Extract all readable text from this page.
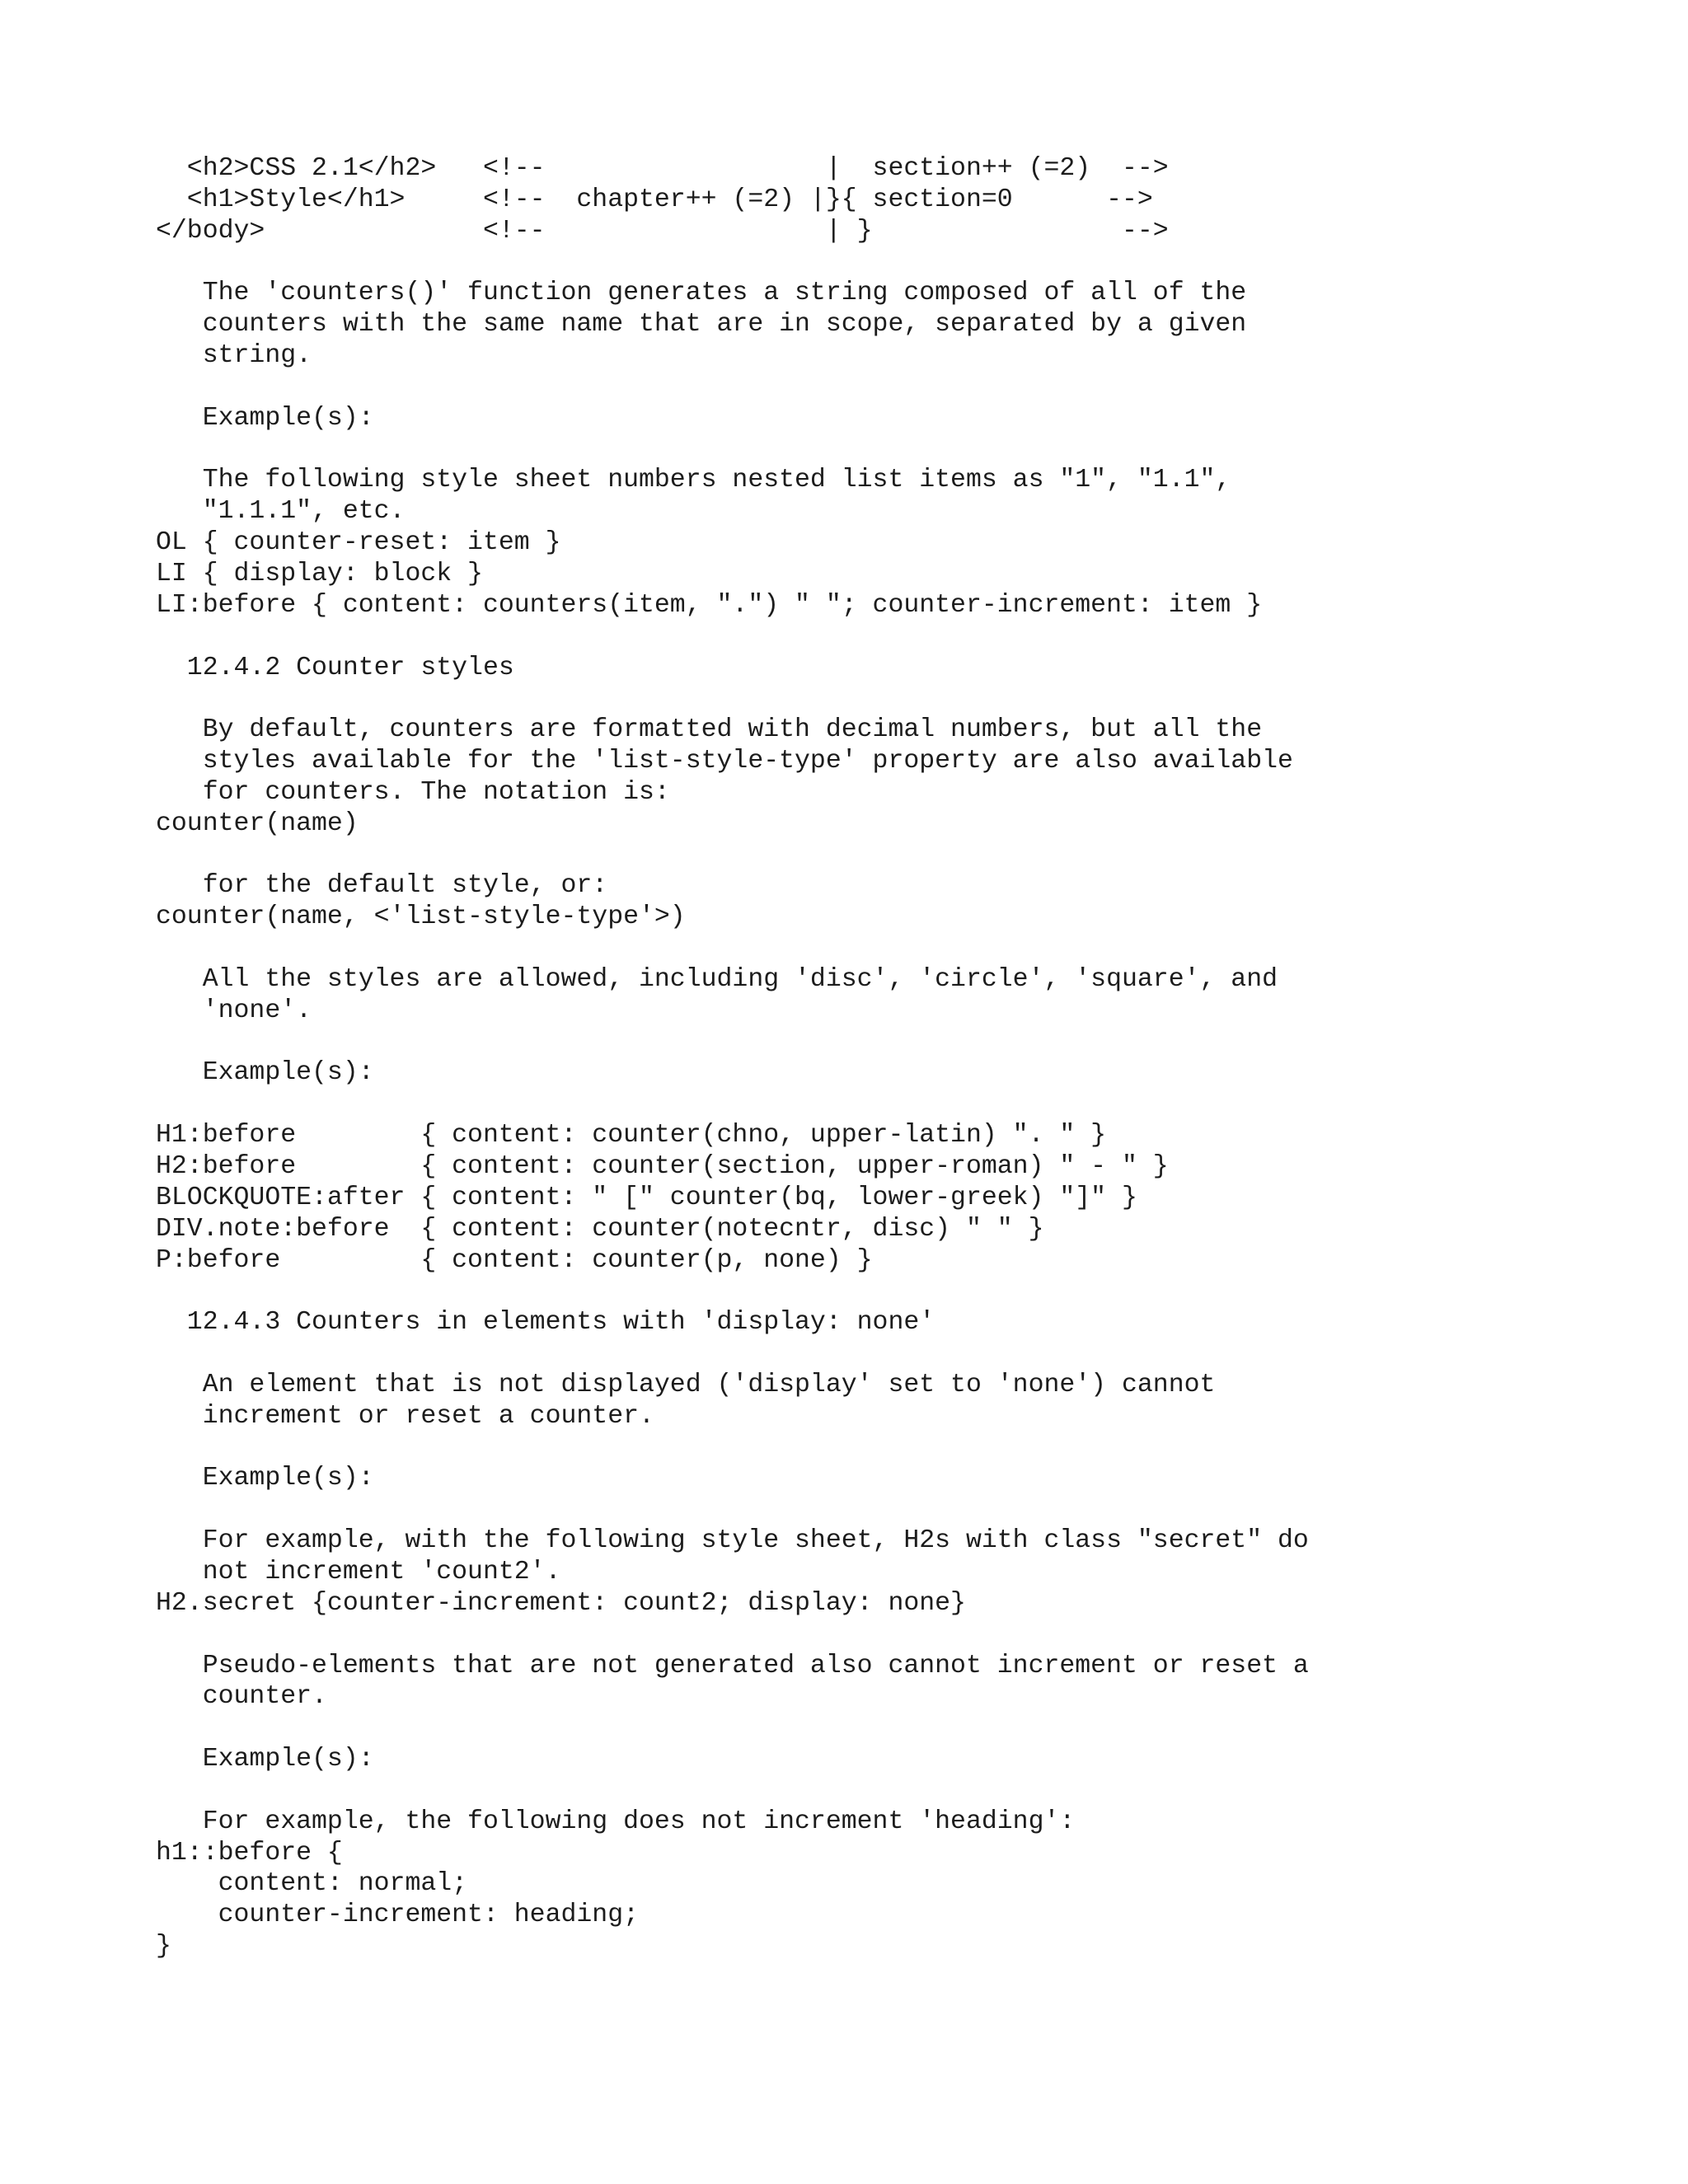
<h2>CSS 2.1</h2>   <!--                  |  section++ (=2)  -->
<h1>Style</h1>     <!--  chapter++ (=2) |}{ section=0      -->
</body>              <!--                  | }                -->
The 'counters()' function generates a string composed of all of the
counters with the same name that are in scope, separated by a given
string.
Example(s):
The following style sheet numbers nested list items as "1", "1.1",
"1.1.1", etc.
OL { counter-reset: item }
LI { display: block }
LI:before { content: counters(item, ".") " "; counter-increment: item }
12.4.2 Counter styles
By default, counters are formatted with decimal numbers, but all the
styles available for the 'list-style-type' property are also available
for counters. The notation is:
counter(name)
for the default style, or:
counter(name, <'list-style-type'>)
All the styles are allowed, including 'disc', 'circle', 'square', and
'none'.
Example(s):
H1:before        { content: counter(chno, upper-latin) ". " }
H2:before        { content: counter(section, upper-roman) " - " }
BLOCKQUOTE:after { content: " [" counter(bq, lower-greek) "]" }
DIV.note:before  { content: counter(notecntr, disc) " " }
P:before         { content: counter(p, none) }
12.4.3 Counters in elements with 'display: none'
An element that is not displayed ('display' set to 'none') cannot
increment or reset a counter.
Example(s):
For example, with the following style sheet, H2s with class "secret" do
not increment 'count2'.
H2.secret {counter-increment: count2; display: none}
Pseudo-elements that are not generated also cannot increment or reset a
counter.
Example(s):
For example, the following does not increment 'heading':
h1::before {
content: normal;
counter-increment: heading;
}
